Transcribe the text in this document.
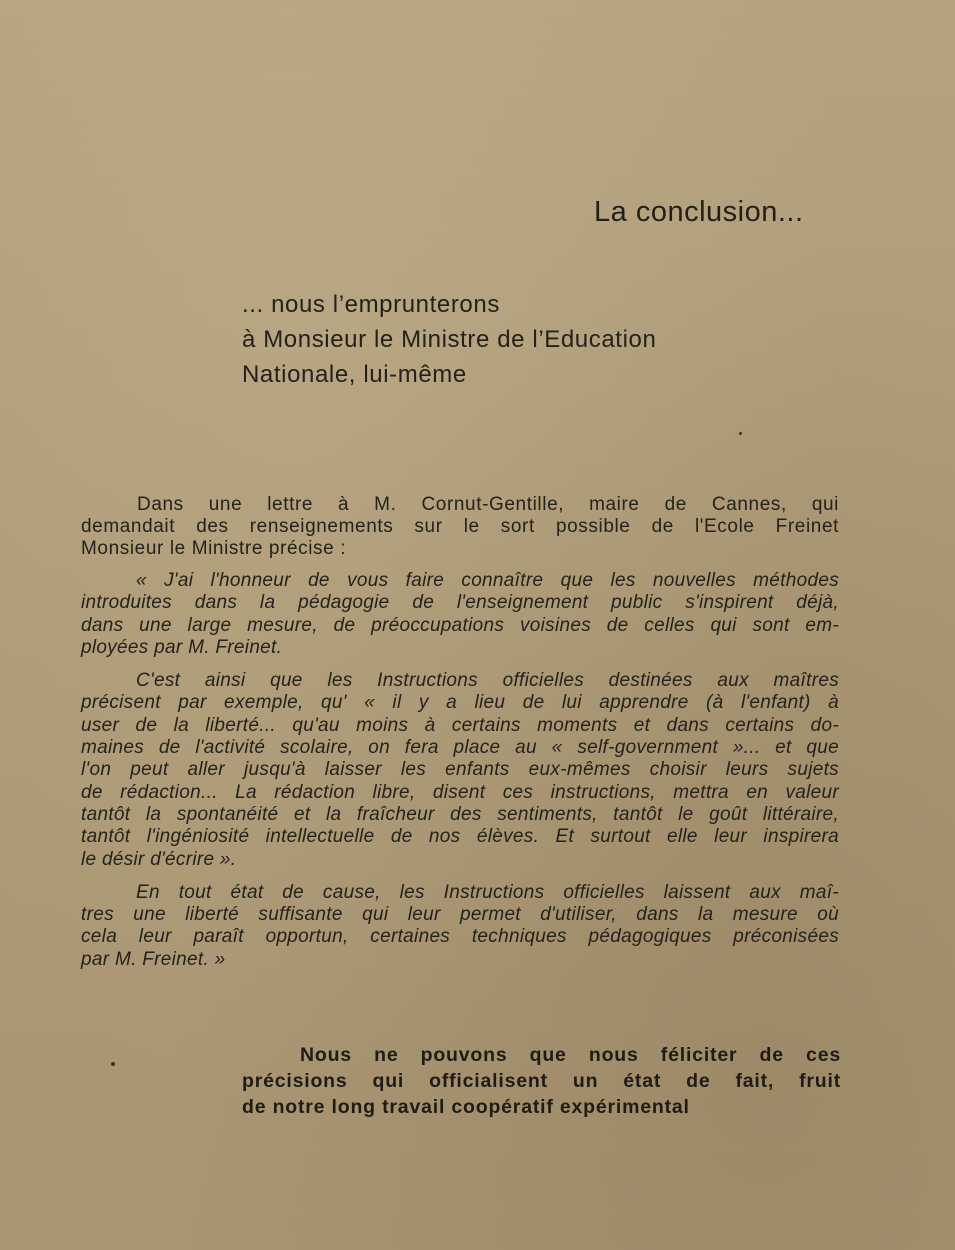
La conclusion...
... nous l’emprunterons
à Monsieur le Ministre de l’Education
Nationale, lui-même
Dans une lettre à M. Cornut-Gentille, maire de Cannes, qui
demandait des renseignements sur le sort possible de l'Ecole Freinet
Monsieur le Ministre précise :
« J'ai l'honneur de vous faire connaître que les nouvelles méthodes
introduites dans la pédagogie de l'enseignement public s'inspirent déjà,
dans une large mesure, de préoccupations voisines de celles qui sont em-
ployées par M. Freinet.
C'est ainsi que les Instructions officielles destinées aux maîtres
précisent par exemple, qu' « il y a lieu de lui apprendre (à l'enfant) à
user de la liberté... qu'au moins à certains moments et dans certains do-
maines de l'activité scolaire, on fera place au « self-government »... et que
l'on peut aller jusqu'à laisser les enfants eux-mêmes choisir leurs sujets
de rédaction... La rédaction libre, disent ces instructions, mettra en valeur
tantôt la spontanéité et la fraîcheur des sentiments, tantôt le goût littéraire,
tantôt l'ingéniosité intellectuelle de nos élèves. Et surtout elle leur inspirera
le désir d'écrire ».
En tout état de cause, les Instructions officielles laissent aux maî-
tres une liberté suffisante qui leur permet d'utiliser, dans la mesure où
cela leur paraît opportun, certaines techniques pédagogiques préconisées
par M. Freinet. »
Nous ne pouvons que nous féliciter de ces
précisions qui officialisent un état de fait, fruit
de notre long travail coopératif expérimental
